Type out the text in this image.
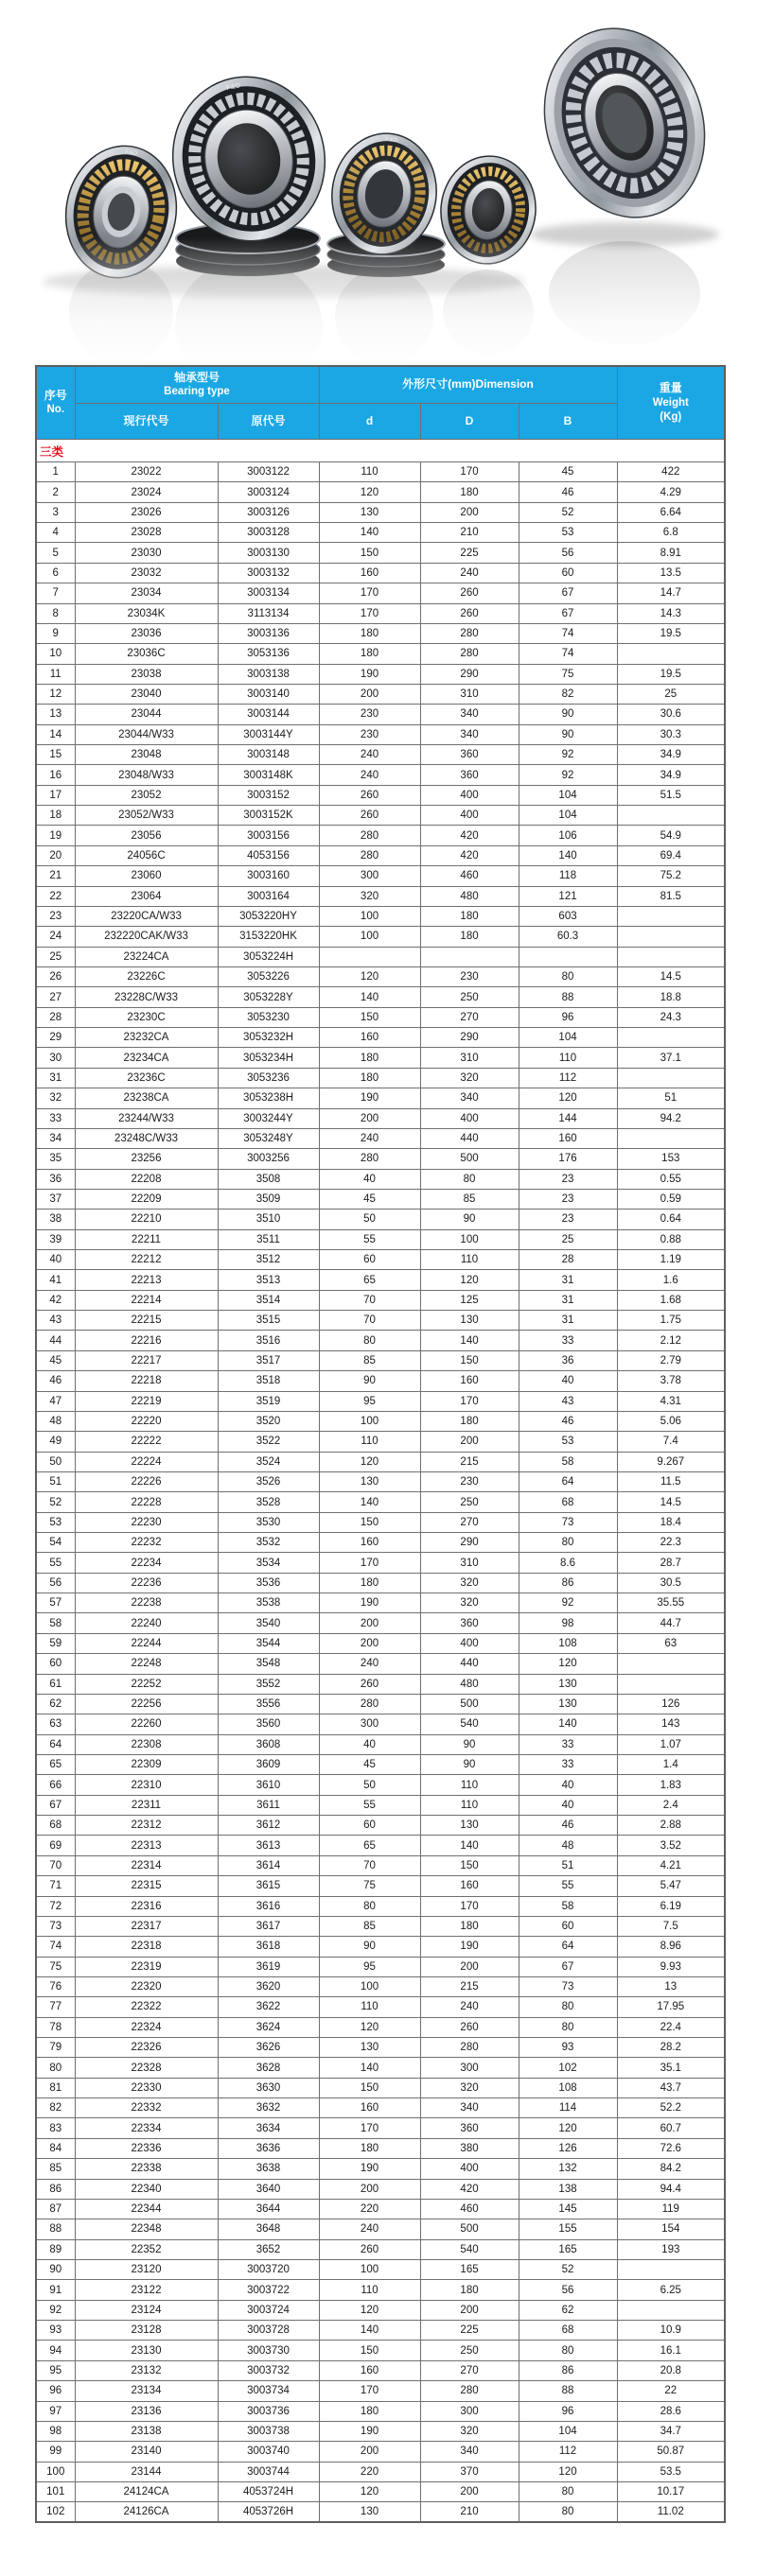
F&D
F&D
F&D
序号
No.	轴承型号
Bearing type		外形尺寸(mm)Dimension			重量
Weight
(Kg)

	现行代号	原代号	d	D	B	
三类						
1	23022	3003122	110	170	45	422
2	23024	3003124	120	180	46	4.29
3	23026	3003126	130	200	52	6.64
4	23028	3003128	140	210	53	6.8
5	23030	3003130	150	225	56	8.91
6	23032	3003132	160	240	60	13.5
7	23034	3003134	170	260	67	14.7
8	23034K	3113134	170	260	67	14.3
9	23036	3003136	180	280	74	19.5
10	23036C	3053136	180	280	74	
11	23038	3003138	190	290	75	19.5
12	23040	3003140	200	310	82	25
13	23044	3003144	230	340	90	30.6
14	23044/W33	3003144Y	230	340	90	30.3
15	23048	3003148	240	360	92	34.9
16	23048/W33	3003148K	240	360	92	34.9
17	23052	3003152	260	400	104	51.5
18	23052/W33	3003152K	260	400	104	
19	23056	3003156	280	420	106	54.9
20	24056C	4053156	280	420	140	69.4
21	23060	3003160	300	460	118	75.2
22	23064	3003164	320	480	121	81.5
23	23220CA/W33	3053220HY	100	180	603	
24	232220CAK/W33	3153220HK	100	180	60.3	
25	23224CA	3053224H				
26	23226C	3053226	120	230	80	14.5
27	23228C/W33	3053228Y	140	250	88	18.8
28	23230C	3053230	150	270	96	24.3
29	23232CA	3053232H	160	290	104	
30	23234CA	3053234H	180	310	110	37.1
31	23236C	3053236	180	320	112	
32	23238CA	3053238H	190	340	120	51
33	23244/W33	3003244Y	200	400	144	94.2
34	23248C/W33	3053248Y	240	440	160	
35	23256	3003256	280	500	176	153
36	22208	3508	40	80	23	0.55
37	22209	3509	45	85	23	0.59
38	22210	3510	50	90	23	0.64
39	22211	3511	55	100	25	0.88
40	22212	3512	60	110	28	1.19
41	22213	3513	65	120	31	1.6
42	22214	3514	70	125	31	1.68
43	22215	3515	70	130	31	1.75
44	22216	3516	80	140	33	2.12
45	22217	3517	85	150	36	2.79
46	22218	3518	90	160	40	3.78
47	22219	3519	95	170	43	4.31
48	22220	3520	100	180	46	5.06
49	22222	3522	110	200	53	7.4
50	22224	3524	120	215	58	9.267
51	22226	3526	130	230	64	11.5
52	22228	3528	140	250	68	14.5
53	22230	3530	150	270	73	18.4
54	22232	3532	160	290	80	22.3
55	22234	3534	170	310	8.6	28.7
56	22236	3536	180	320	86	30.5
57	22238	3538	190	320	92	35.55
58	22240	3540	200	360	98	44.7
59	22244	3544	200	400	108	63
60	22248	3548	240	440	120	
61	22252	3552	260	480	130	
62	22256	3556	280	500	130	126
63	22260	3560	300	540	140	143
64	22308	3608	40	90	33	1.07
65	22309	3609	45	90	33	1.4
66	22310	3610	50	110	40	1.83
67	22311	3611	55	110	40	2.4
68	22312	3612	60	130	46	2.88
69	22313	3613	65	140	48	3.52
70	22314	3614	70	150	51	4.21
71	22315	3615	75	160	55	5.47
72	22316	3616	80	170	58	6.19
73	22317	3617	85	180	60	7.5
74	22318	3618	90	190	64	8.96
75	22319	3619	95	200	67	9.93
76	22320	3620	100	215	73	13
77	22322	3622	110	240	80	17.95
78	22324	3624	120	260	80	22.4
79	22326	3626	130	280	93	28.2
80	22328	3628	140	300	102	35.1
81	22330	3630	150	320	108	43.7
82	22332	3632	160	340	114	52.2
83	22334	3634	170	360	120	60.7
84	22336	3636	180	380	126	72.6
85	22338	3638	190	400	132	84.2
86	22340	3640	200	420	138	94.4
87	22344	3644	220	460	145	119
88	22348	3648	240	500	155	154
89	22352	3652	260	540	165	193
90	23120	3003720	100	165	52	
91	23122	3003722	110	180	56	6.25
92	23124	3003724	120	200	62	
93	23128	3003728	140	225	68	10.9
94	23130	3003730	150	250	80	16.1
95	23132	3003732	160	270	86	20.8
96	23134	3003734	170	280	88	22
97	23136	3003736	180	300	96	28.6
98	23138	3003738	190	320	104	34.7
99	23140	3003740	200	340	112	50.87
100	23144	3003744	220	370	120	53.5
101	24124CA	4053724H	120	200	80	10.17
102	24126CA	4053726H	130	210	80	11.02
